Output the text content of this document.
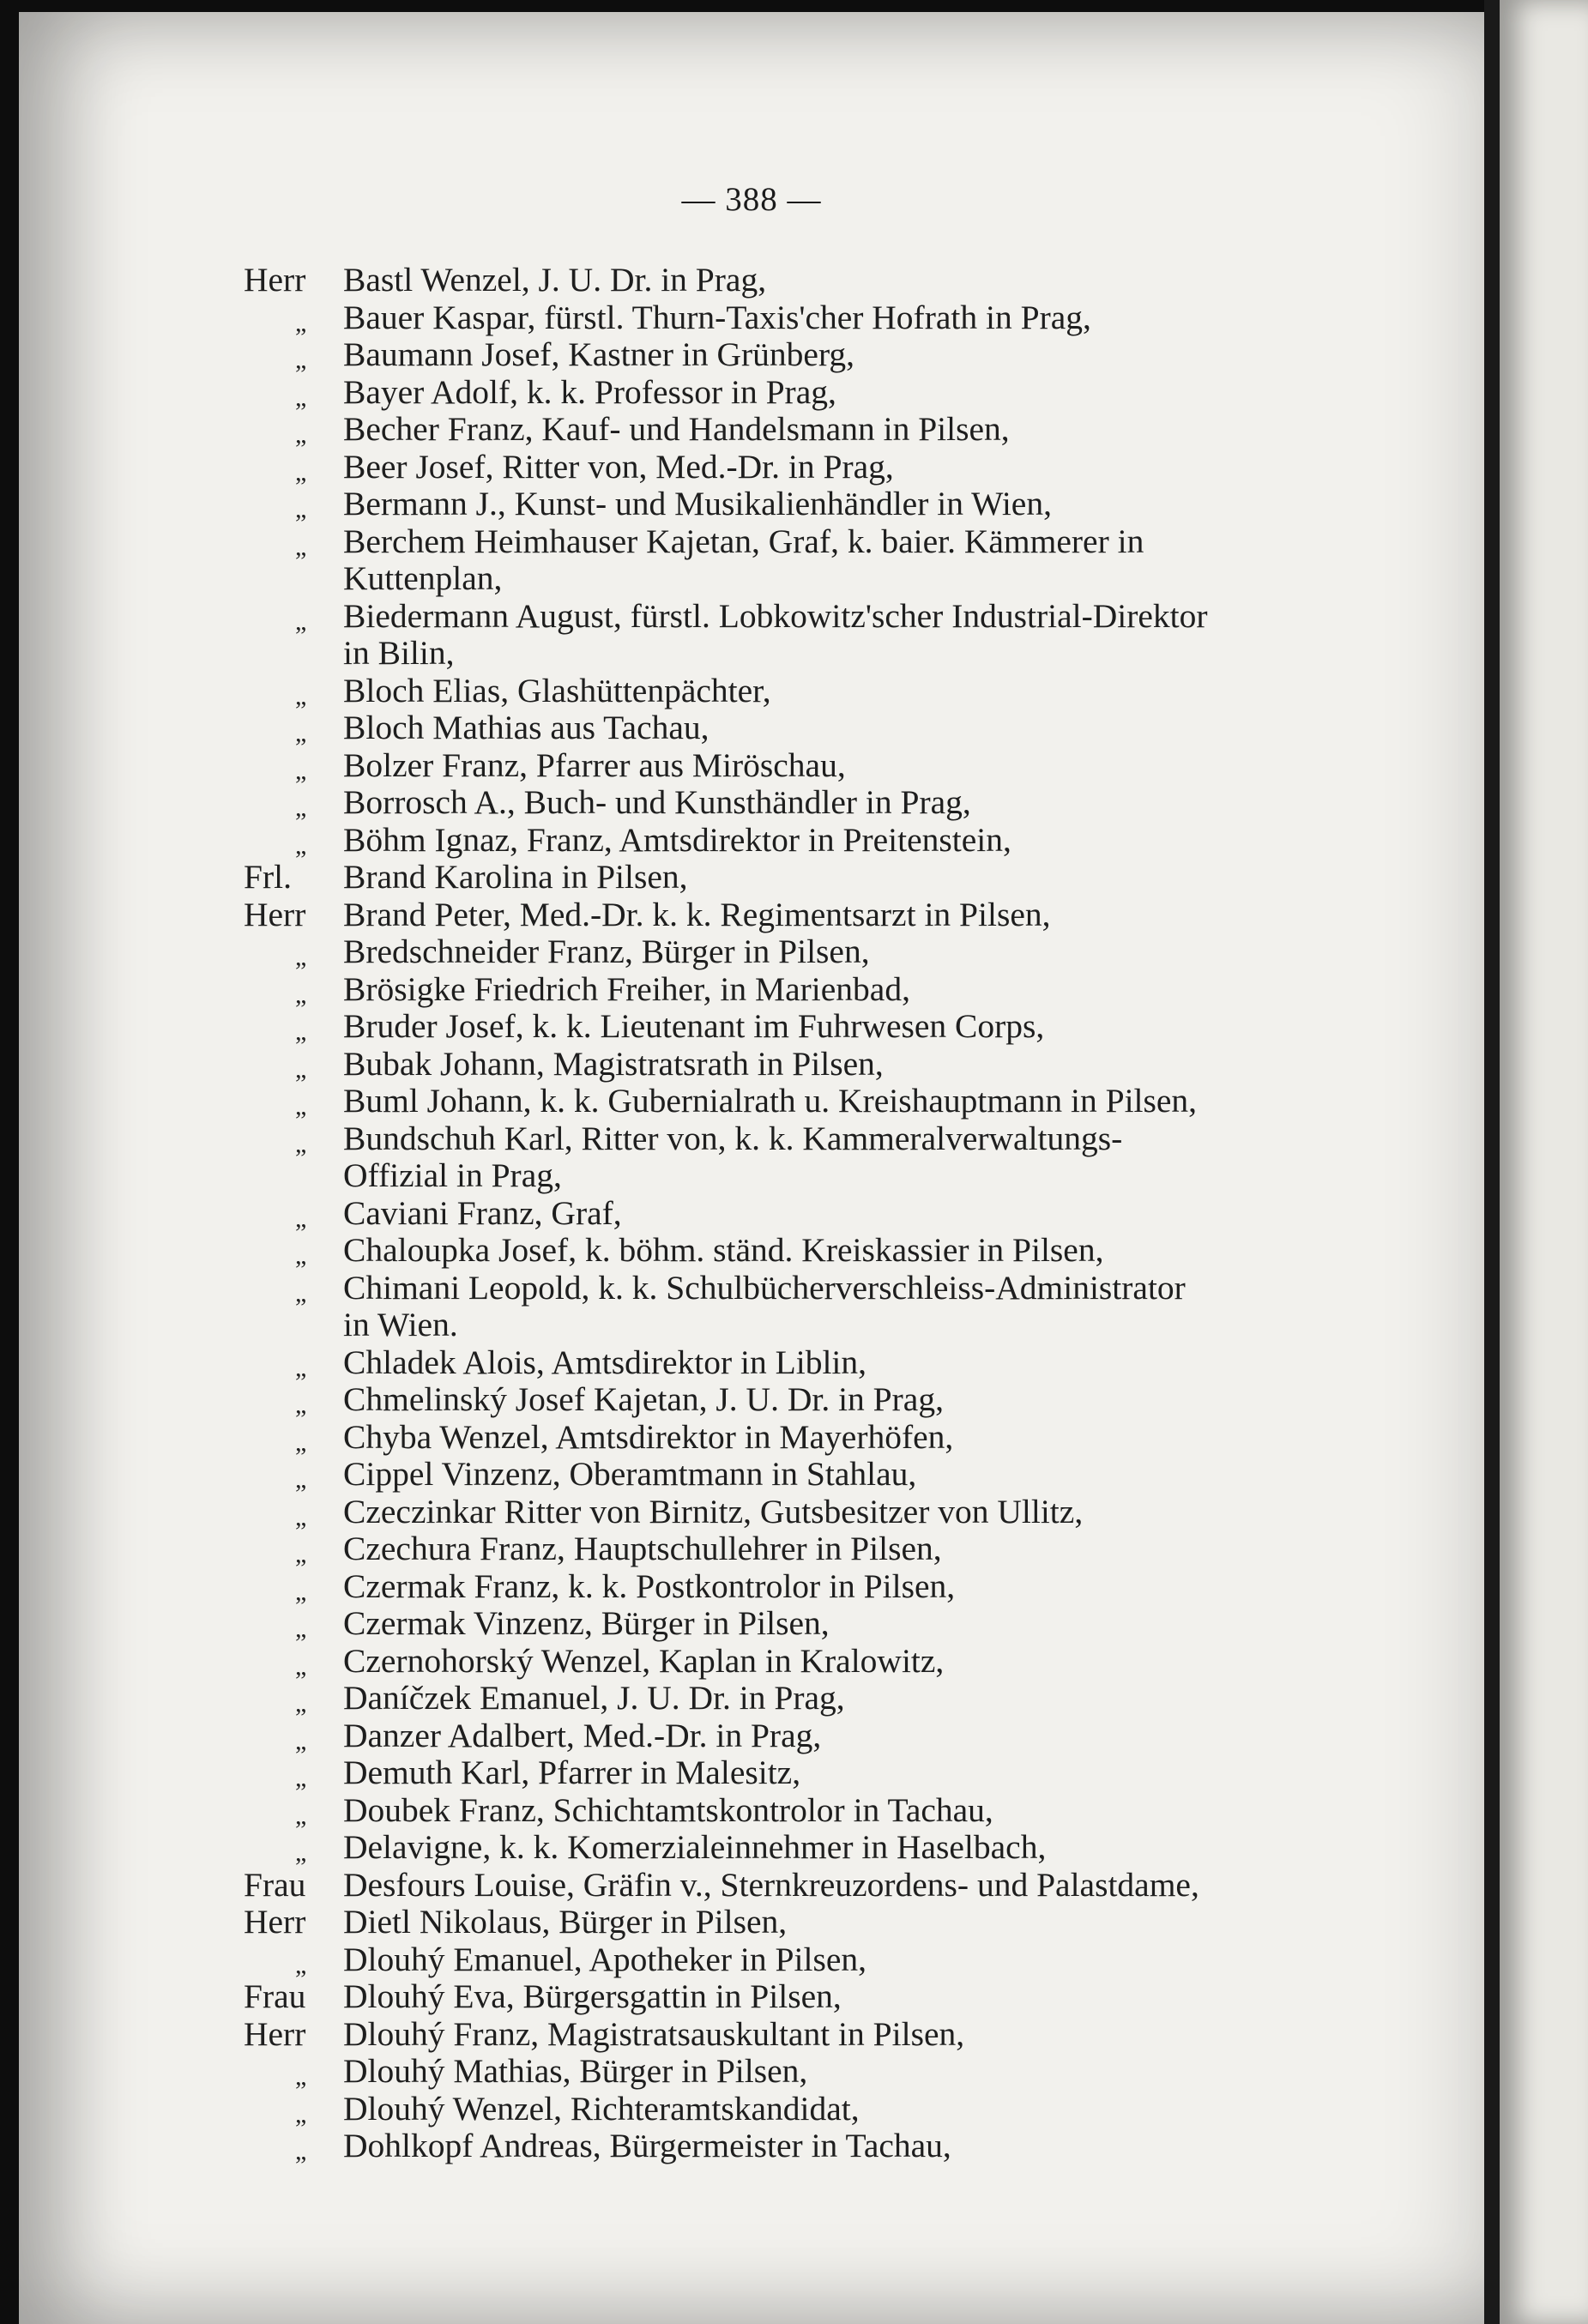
— 388 —
Herr	Bastl Wenzel, J. U. Dr. in Prag,
„	Bauer Kaspar, fürstl. Thurn-Taxis'cher Hofrath in Prag,
„	Baumann Josef, Kastner in Grünberg,
„	Bayer Adolf, k. k. Professor in Prag,
„	Becher Franz, Kauf- und Handelsmann in Pilsen,
„	Beer Josef, Ritter von, Med.-Dr. in Prag,
„	Bermann J., Kunst- und Musikalienhändler in Wien,
„	Berchem Heimhauser Kajetan, Graf, k. baier. Kämmerer in
Kuttenplan,
„	Biedermann August, fürstl. Lobkowitz'scher Industrial-Direktor
in Bilin,
„	Bloch Elias, Glashüttenpächter,
„	Bloch Mathias aus Tachau,
„	Bolzer Franz, Pfarrer aus Miröschau,
„	Borrosch A., Buch- und Kunsthändler in Prag,
„	Böhm Ignaz, Franz, Amtsdirektor in Preitenstein,
Frl.	Brand Karolina in Pilsen,
Herr	Brand Peter, Med.-Dr. k. k. Regimentsarzt in Pilsen,
„	Bredschneider Franz, Bürger in Pilsen,
„	Brösigke Friedrich Freiher, in Marienbad,
„	Bruder Josef, k. k. Lieutenant im Fuhrwesen Corps,
„	Bubak Johann, Magistratsrath in Pilsen,
„	Buml Johann, k. k. Gubernialrath u. Kreishauptmann in Pilsen,
„	Bundschuh Karl, Ritter von, k. k. Kammeralverwaltungs-
Offizial in Prag,
„	Caviani Franz, Graf,
„	Chaloupka Josef, k. böhm. ständ. Kreiskassier in Pilsen,
„	Chimani Leopold, k. k. Schulbücherverschleiss-Administrator
in Wien.
„	Chladek Alois, Amtsdirektor in Liblin,
„	Chmelinský Josef Kajetan, J. U. Dr. in Prag,
„	Chyba Wenzel, Amtsdirektor in Mayerhöfen,
„	Cippel Vinzenz, Oberamtmann in Stahlau,
„	Czeczinkar Ritter von Birnitz, Gutsbesitzer von Ullitz,
„	Czechura Franz, Hauptschullehrer in Pilsen,
„	Czermak Franz, k. k. Postkontrolor in Pilsen,
„	Czermak Vinzenz, Bürger in Pilsen,
„	Czernohorský Wenzel, Kaplan in Kralowitz,
„	Daníčzek Emanuel, J. U. Dr. in Prag,
„	Danzer Adalbert, Med.-Dr. in Prag,
„	Demuth Karl, Pfarrer in Malesitz,
„	Doubek Franz, Schichtamtskontrolor in Tachau,
„	Delavigne, k. k. Komerzialeinnehmer in Haselbach,
Frau	Desfours Louise, Gräfin v., Sternkreuzordens- und Palastdame,
Herr	Dietl Nikolaus, Bürger in Pilsen,
„	Dlouhý Emanuel, Apotheker in Pilsen,
Frau	Dlouhý Eva, Bürgersgattin in Pilsen,
Herr	Dlouhý Franz, Magistratsauskultant in Pilsen,
„	Dlouhý Mathias, Bürger in Pilsen,
„	Dlouhý Wenzel, Richteramtskandidat,
„	Dohlkopf Andreas, Bürgermeister in Tachau,
